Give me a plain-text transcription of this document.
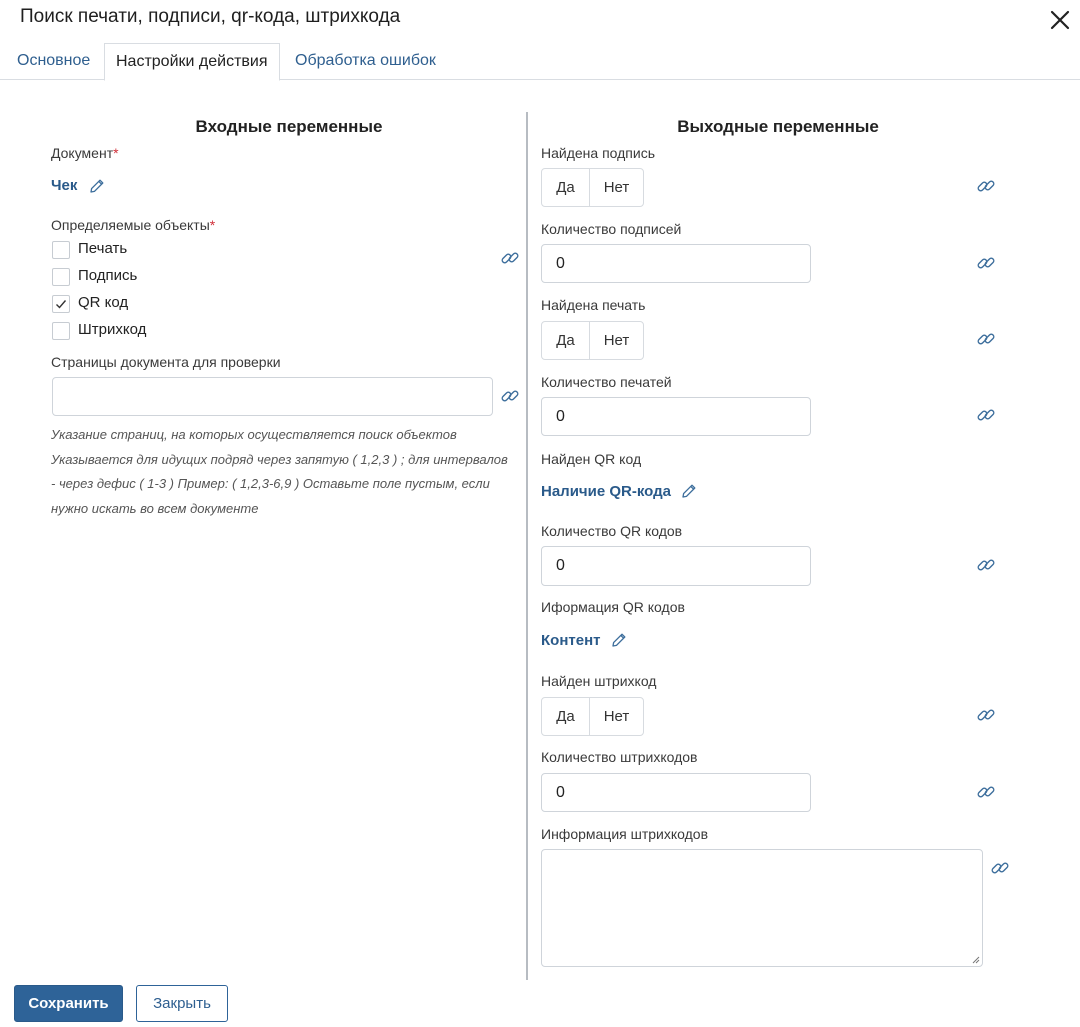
Поиск печати, подписи, qr-кода, штрихкода
Основное	Настройки действия	Обработка ошибок
Входные переменные
Документ*
Чек
Определяемые объекты*
Печать
Подпись
QR код
Штрихкод
Страницы документа для проверки
Указание страниц, на которых осуществляется поиск объектов Указывается для идущих подряд через запятую ( 1,2,3 ) ; для интервалов - через дефис ( 1-3 ) Пример: ( 1,2,3-6,9 ) Оставьте поле пустым, если нужно искать во всем документе
Выходные переменные
Найдена подпись
Да	Нет
Количество подписей
0
Найдена печать
Да	Нет
Количество печатей
0
Найден QR код
Наличие QR-кода
Количество QR кодов
0
Иформация QR кодов
Контент
Найден штрихкод
Да	Нет
Количество штрихкодов
0
Информация штрихкодов
Сохранить	Закрыть
